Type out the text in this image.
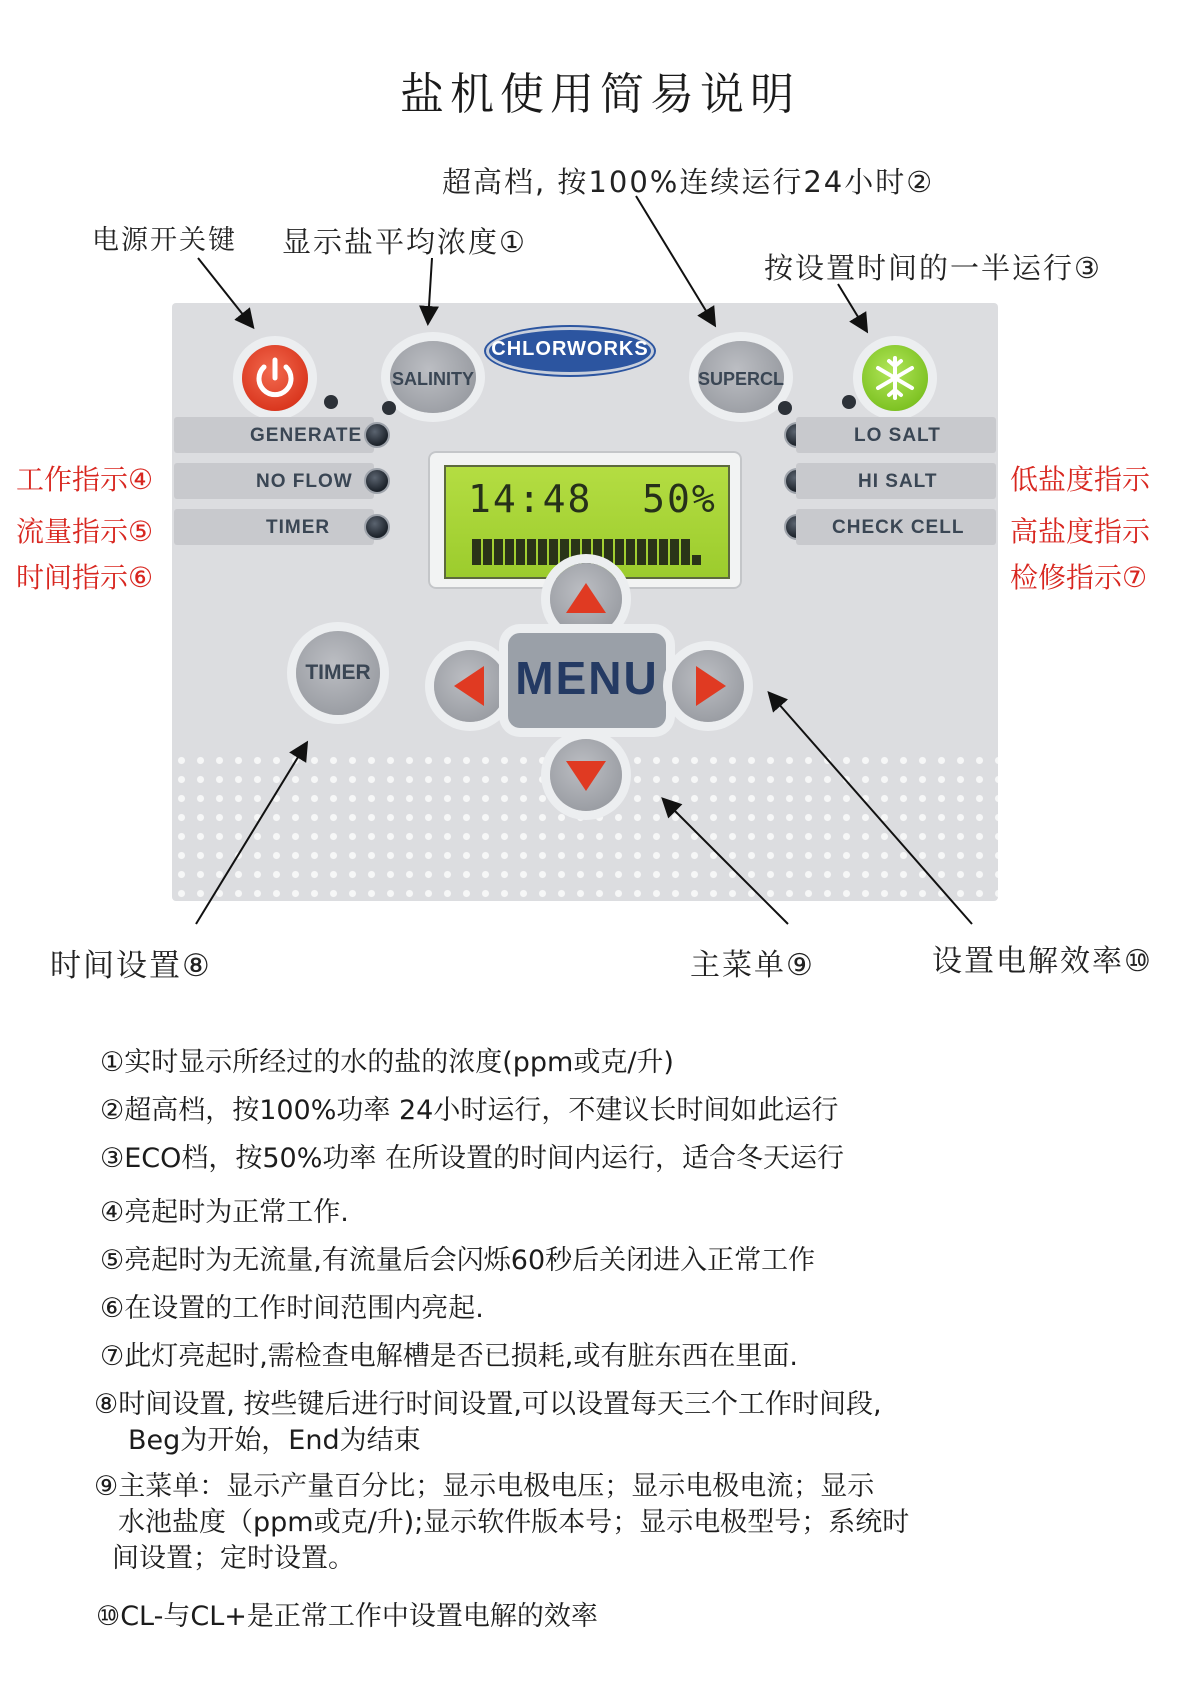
盐机使用简易说明
电源开关键 显示盐平均浓度①
超高档, 按100%连续运行24小时②
按设置时间的一半运行③
工作指示④
流量指示⑤
时间指示⑥
低盐度指示
高盐度指示
检修指示⑦
SALINITY
CHLORWORKS
SUPERCL
GENERATE
NO FLOW
TIMER
LO SALT
HI SALT
CHECK CELL
14:48  50%
TIMER	MENU
时间设置⑧	主菜单⑨	设置电解效率⑩
①实时显示所经过的水的盐的浓度(ppm或克/升)
②超高档，按100%功率 24小时运行，不建议长时间如此运行
③ECO档，按50%功率 在所设置的时间内运行，适合冬天运行
④亮起时为正常工作.
⑤亮起时为无流量,有流量后会闪烁60秒后关闭进入正常工作
⑥在设置的工作时间范围内亮起.
⑦此灯亮起时,需检查电解槽是否已损耗,或有脏东西在里面.
⑧时间设置, 按些键后进行时间设置,可以设置每天三个工作时间段,
Beg为开始，End为结束
⑨主菜单：显示产量百分比；显示电极电压；显示电极电流；显示
水池盐度（ppm或克/升);显示软件版本号；显示电极型号；系统时
间设置；定时设置。
⑩CL-与CL+是正常工作中设置电解的效率
